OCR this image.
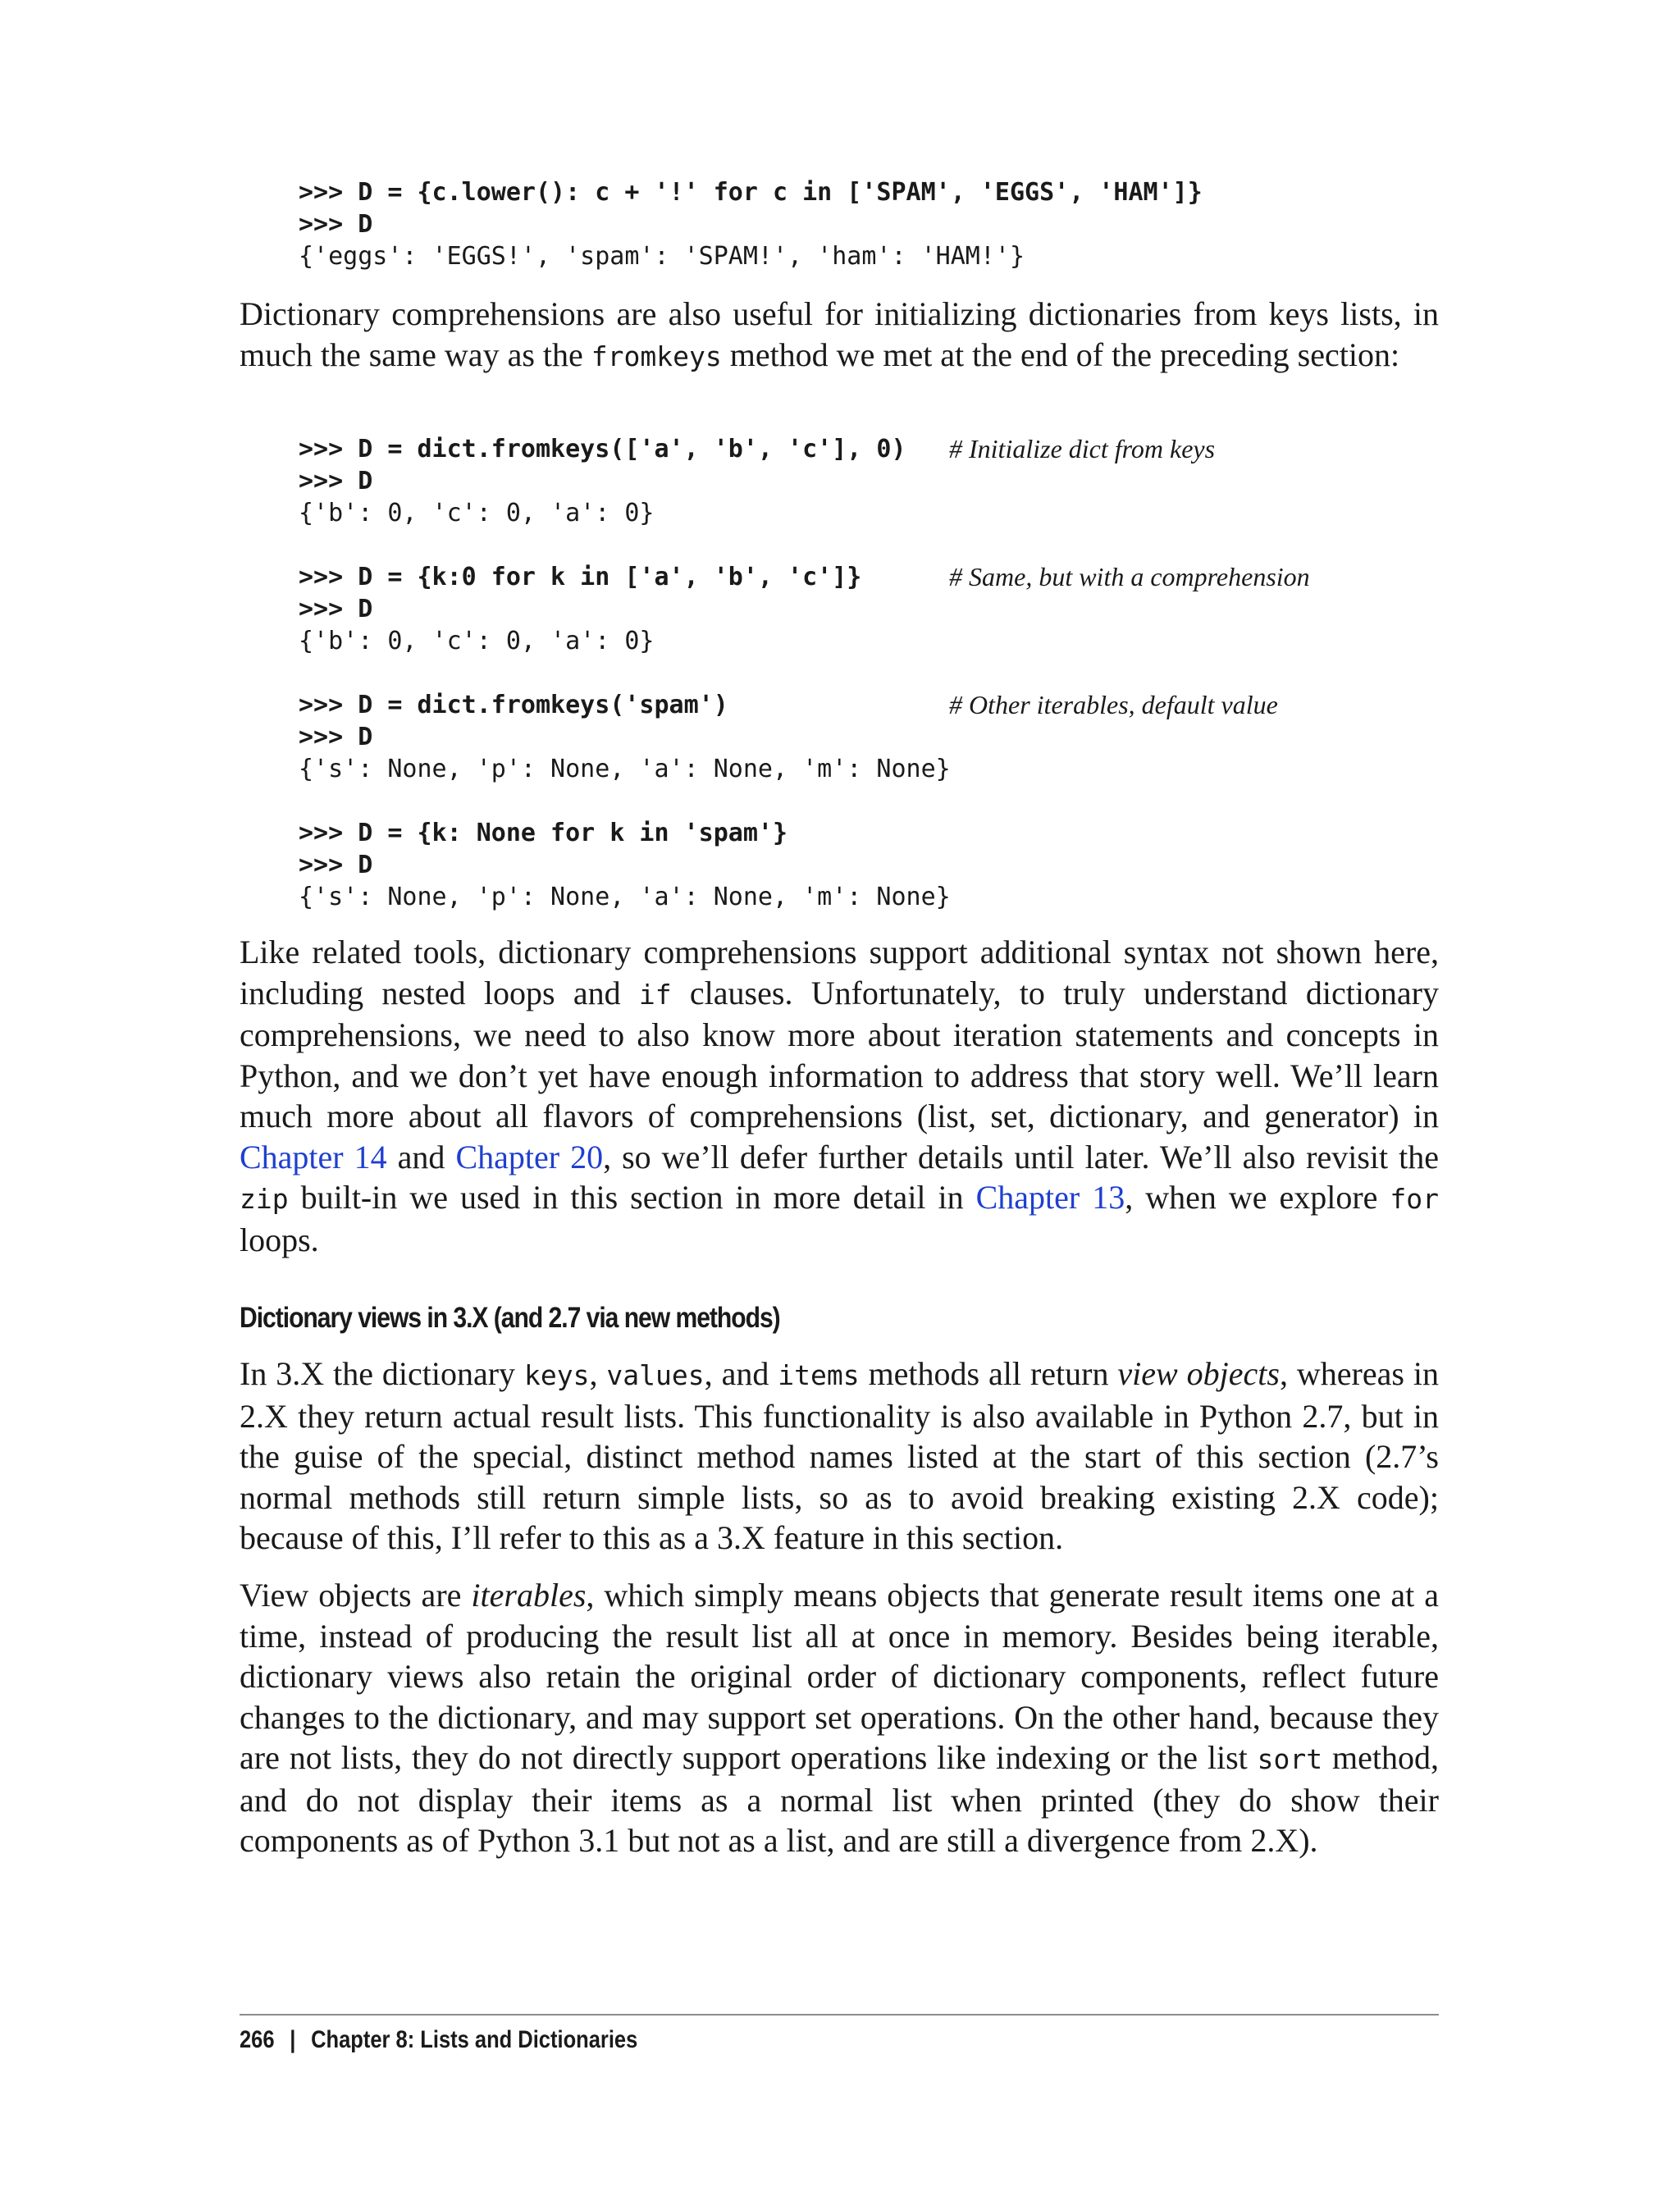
>>> D = {c.lower(): c + '!' for c in ['SPAM', 'EGGS', 'HAM']}
>>> D
{'eggs': 'EGGS!', 'spam': 'SPAM!', 'ham': 'HAM!'}
Dictionary comprehensions are also useful for initializing dictionaries from keys lists, in much the same way as the fromkeys method we met at the end of the preceding section:
>>> D = dict.fromkeys(['a', 'b', 'c'], 0) # Initialize dict from keys
>>> D
{'b': 0, 'c': 0, 'a': 0}
>>> D = {k:0 for k in ['a', 'b', 'c']}	# Same, but with a comprehension
>>> D
{'b': 0, 'c': 0, 'a': 0}
>>> D = dict.fromkeys('spam')	# Other iterables, default value
>>> D
{'s': None, 'p': None, 'a': None, 'm': None}
>>> D = {k: None for k in 'spam'}
>>> D
{'s': None, 'p': None, 'a': None, 'm': None}
Like related tools, dictionary comprehensions support additional syntax not shown here, including nested loops and if clauses. Unfortunately, to truly understand dictionary comprehensions, we need to also know more about iteration statements and concepts in Python, and we don’t yet have enough information to address that story well. We’ll learn much more about all flavors of comprehensions (list, set, dictionary, and generator) in Chapter 14 and Chapter 20, so we’ll defer further details until later. We’ll also revisit the zip built-in we used in this section in more detail in Chapter 13, when we explore for loops.
Dictionary views in 3.X (and 2.7 via new methods)
In 3.X the dictionary keys, values, and items methods all return view objects, whereas in 2.X they return actual result lists. This functionality is also available in Python 2.7, but in the guise of the special, distinct method names listed at the start of this section (2.7’s normal methods still return simple lists, so as to avoid breaking existing 2.X code); because of this, I’ll refer to this as a 3.X feature in this section.
View objects are iterables, which simply means objects that generate result items one at a time, instead of producing the result list all at once in memory. Besides being iterable, dictionary views also retain the original order of dictionary components, reflect future changes to the dictionary, and may support set operations. On the other hand, because they are not lists, they do not directly support operations like indexing or the list sort method, and do not display their items as a normal list when printed (they do show their components as of Python 3.1 but not as a list, and are still a divergence from 2.X).
266 | Chapter 8: Lists and Dictionaries
